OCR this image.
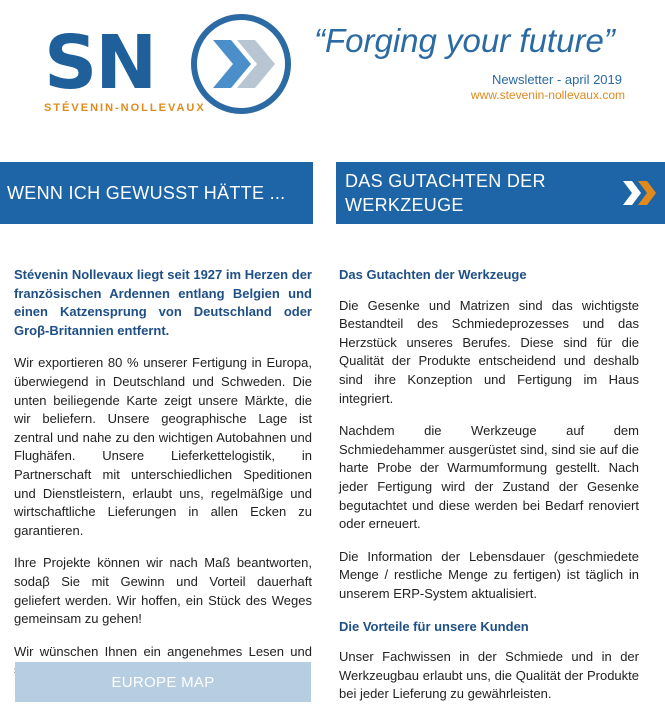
SN
STÉVENIN-NOLLEVAUX
“Forging your future”
Newsletter - april 2019
www.stevenin-nollevaux.com
WENN ICH GEWUSST HÄTTE ...
DAS GUTACHTEN DER WERKZEUGE

Stévenin Nollevaux liegt seit 1927 im Herzen der französischen Ardennen entlang Belgien und einen Katzensprung von Deutschland oder Groβ-Britannien entfernt.

Wir exportieren 80 % unserer Fertigung in Europa, überwiegend in Deutschland und Schweden. Die unten beiliegende Karte zeigt unsere Märkte, die wir beliefern. Unsere geographische Lage ist zentral und nahe zu den wichtigen Autobahnen und Flughäfen. Unsere Lieferkettelogistik, in Partnerschaft mit unterschiedlichen Speditionen und Dienstleistern, erlaubt uns, regelmäßige und wirtschaftliche Lieferungen in allen Ecken zu garantieren.

Ihre Projekte können wir nach Maß beantworten, sodaβ Sie mit Gewinn und Vorteil dauerhaft geliefert werden. Wir hoffen, ein Stück des Weges gemeinsam zu gehen!

Wir wünschen Ihnen ein angenehmes Lesen und

EUROPE MAP
Das Gutachten der Werkzeuge

Die Gesenke und Matrizen sind das wichtigste Bestandteil des Schmiedeprozesses und das Herzstück unseres Berufes. Diese sind für die Qualität der Produkte entscheidend und deshalb sind ihre Konzeption und Fertigung im Haus integriert.

Nachdem die Werkzeuge auf dem Schmiedehammer ausgerüstet sind, sind sie auf die harte Probe der Warmumformung gestellt. Nach jeder Fertigung wird der Zustand der Gesenke begutachtet und diese werden bei Bedarf renoviert oder erneuert.

Die Information der Lebensdauer (geschmiedete Menge / restliche Menge zu fertigen) ist täglich in unserem ERP-System aktualisiert.

Die Vorteile für unsere Kunden

Unser Fachwissen in der Schmiede und in der Werkzeugbau erlaubt uns, die Qualität der Produkte bei jeder Lieferung zu gewährleisten.
